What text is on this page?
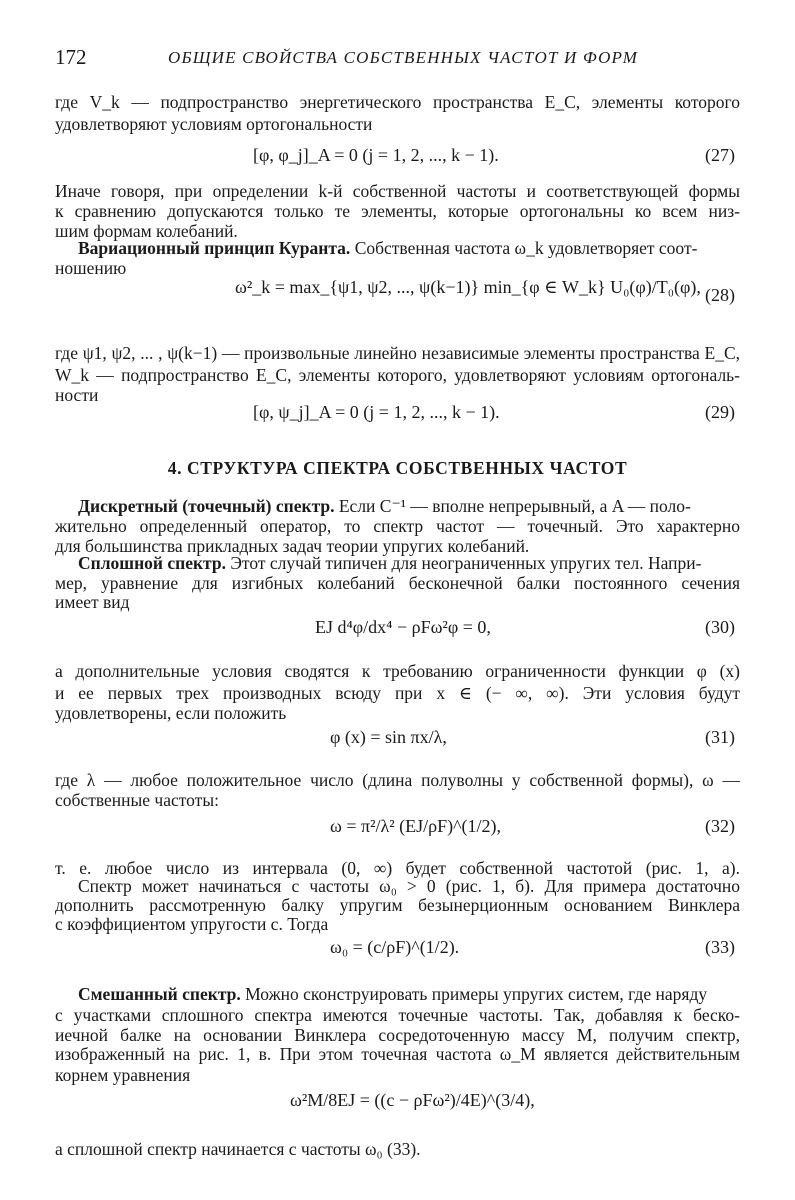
172	ОБЩИЕ СВОЙСТВА СОБСТВЕННЫХ ЧАСТОТ И ФОРМ
где V_k — подпространство энергетического пространства E_C, элементы которого
удовлетворяют условиям ортогональности
[φ, φ_j]_A = 0 (j = 1, 2, ..., k − 1).	(27)
Иначе говоря, при определении k-й собственной частоты и соответствующей формы
к сравнению допускаются только те элементы, которые ортогональны ко всем низ-
шим формам колебаний.
Вариационный принцип Куранта. Собственная частота ω_k удовлетворяет соот-
ношению
ω²_k = max_{ψ1, ψ2, ..., ψ(k−1)} min_{φ ∈ W_k} U₀(φ)/T₀(φ), (28)
где ψ1, ψ2, ... , ψ(k−1) — произвольные линейно независимые элементы пространства E_C,
W_k — подпространство E_C, элементы которого, удовлетворяют условиям ортогональ-
ности
[φ, ψ_j]_A = 0 (j = 1, 2, ..., k − 1).	(29)
4. СТРУКТУРА СПЕКТРА СОБСТВЕННЫХ ЧАСТОТ
Дискретный (точечный) спектр. Если C⁻¹ — вполне непрерывный, а A — поло-
жительно определенный оператор, то спектр частот — точечный. Это характерно
для большинства прикладных задач теории упругих колебаний.
Сплошной спектр. Этот случай типичен для неограниченных упругих тел. Напри-
мер, уравнение для изгибных колебаний бесконечной балки постоянного сечения
имеет вид
EJ d⁴φ/dx⁴ − ρFω²φ = 0,	(30)
а дополнительные условия сводятся к требованию ограниченности функции φ (x)
и ее первых трех производных всюду при x ∈ (− ∞, ∞). Эти условия будут
удовлетворены, если положить
φ (x) = sin πx/λ,	(31)
где λ — любое положительное число (длина полуволны у собственной формы), ω —
собственные частоты:
ω = π²/λ² (EJ/ρF)^(1/2),	(32)
т. е. любое число из интервала (0, ∞) будет собственной частотой (рис. 1, а).
Спектр может начинаться с частоты ω₀ > 0 (рис. 1, б). Для примера достаточно
дополнить рассмотренную балку упругим безынерционным основанием Винклера
с коэффициентом упругости c. Тогда
ω₀ = (c/ρF)^(1/2).	(33)
Смешанный спектр. Можно сконструировать примеры упругих систем, где наряду
с участками сплошного спектра имеются точечные частоты. Так, добавляя к беско-
иечной балке на основании Винклера сосредоточенную массу M, получим спектр,
изображенный на рис. 1, в. При этом точечная частота ω_M является действительным
корнем уравнения
ω²M/8EJ = ((c − ρFω²)/4E)^(3/4),
а сплошной спектр начинается с частоты ω₀ (33).
